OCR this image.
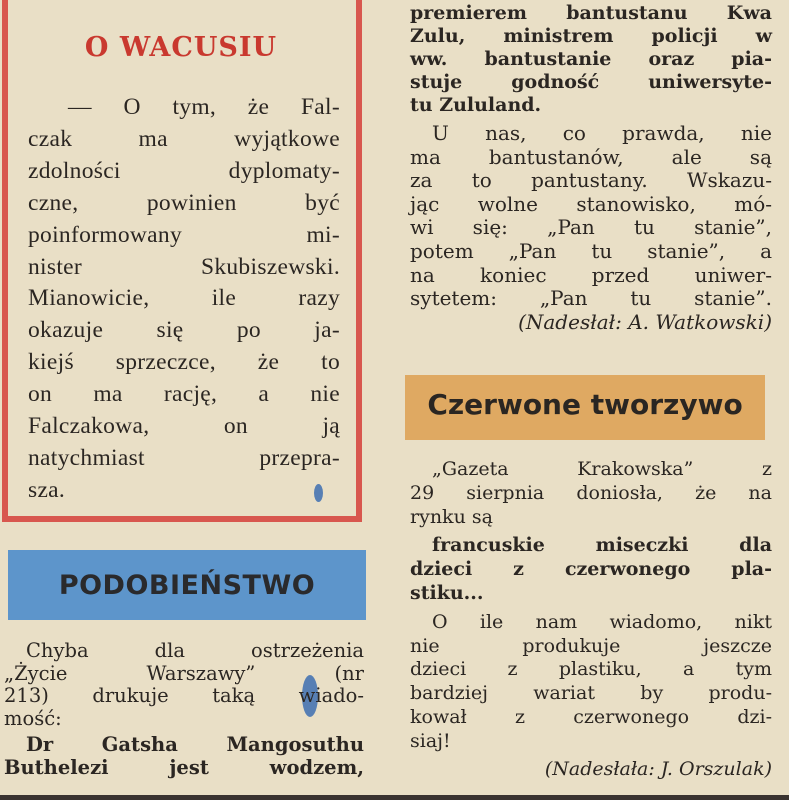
O WACUSIU
— O tym, że Fal-
czak ma wyjątkowe
zdolności dyplomaty-
czne, powinien być
poinformowany mi-
nister Skubiszewski.
Mianowicie, ile razy
okazuje się po ja-
kiejś sprzeczce, że to
on ma rację, a nie
Falczakowa, on ją
natychmiast przepra-
sza.
PODOBIEŃSTWO
Chyba dla ostrzeżenia
„Życie Warszawy” (nr
213) drukuje taką wiado-
mość:
Dr Gatsha Mangosuthu
Buthelezi jest wodzem,
premierem bantustanu Kwa
Zulu, ministrem policji w
ww. bantustanie oraz pia-
stuje godność uniwersyte-
tu Zululand.
U nas, co prawda, nie
ma bantustanów, ale są
za to pantustany. Wskazu-
jąc wolne stanowisko, mó-
wi się: „Pan tu stanie”,
potem „Pan tu stanie”, a
na koniec przed uniwer-
sytetem: „Pan tu stanie”.
(Nadesłał: A. Watkowski)
Czerwone tworzywo
„Gazeta Krakowska” z
29 sierpnia doniosła, że na
rynku są
francuskie miseczki dla
dzieci z czerwonego pla-
stiku...
O ile nam wiadomo, nikt
nie produkuje jeszcze
dzieci z plastiku, a tym
bardziej wariat by produ-
kował z czerwonego dzi-
siaj!
(Nadesłała: J. Orszulak)
